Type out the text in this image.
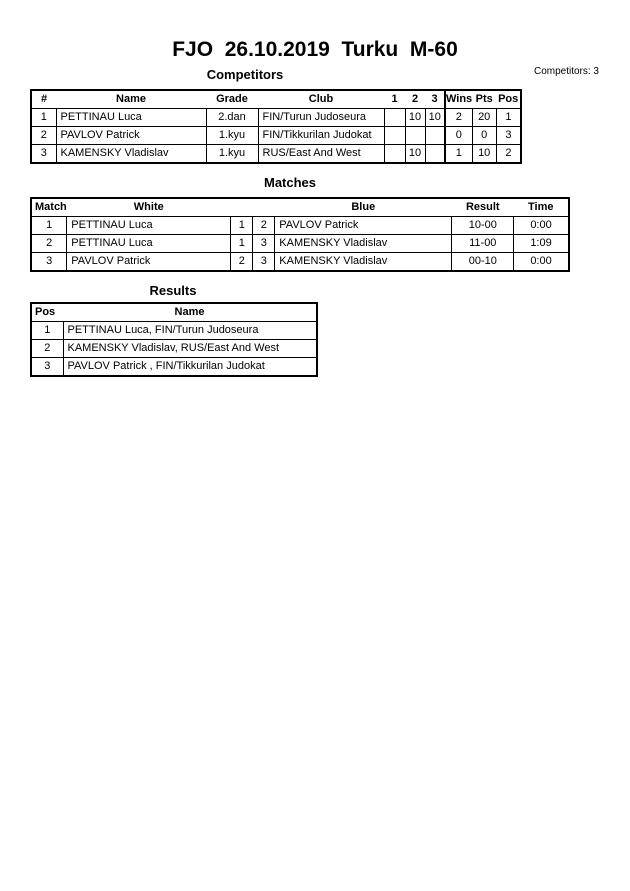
FJO  26.10.2019  Turku  M-60
Competitors	Competitors: 3
#	Name	Grade	Club	1	2	3	Wins	Pts	Pos
1	PETTINAU Luca	2.dan	FIN/Turun Judoseura		10	10	2	20	1
2	PAVLOV Patrick	1.kyu	FIN/Tikkurilan Judokat				0	0	3
3	KAMENSKY Vladislav	1.kyu	RUS/East And West		10		1	10	2
Matches
Match	White			Blue	Result	Time
1	PETTINAU Luca	1	2	PAVLOV Patrick	10-00	0:00
2	PETTINAU Luca	1	3	KAMENSKY Vladislav	11-00	1:09
3	PAVLOV Patrick	2	3	KAMENSKY Vladislav	00-10	0:00
Results
Pos	Name
1	PETTINAU Luca, FIN/Turun Judoseura
2	KAMENSKY Vladislav, RUS/East And West
3	PAVLOV Patrick , FIN/Tikkurilan Judokat
